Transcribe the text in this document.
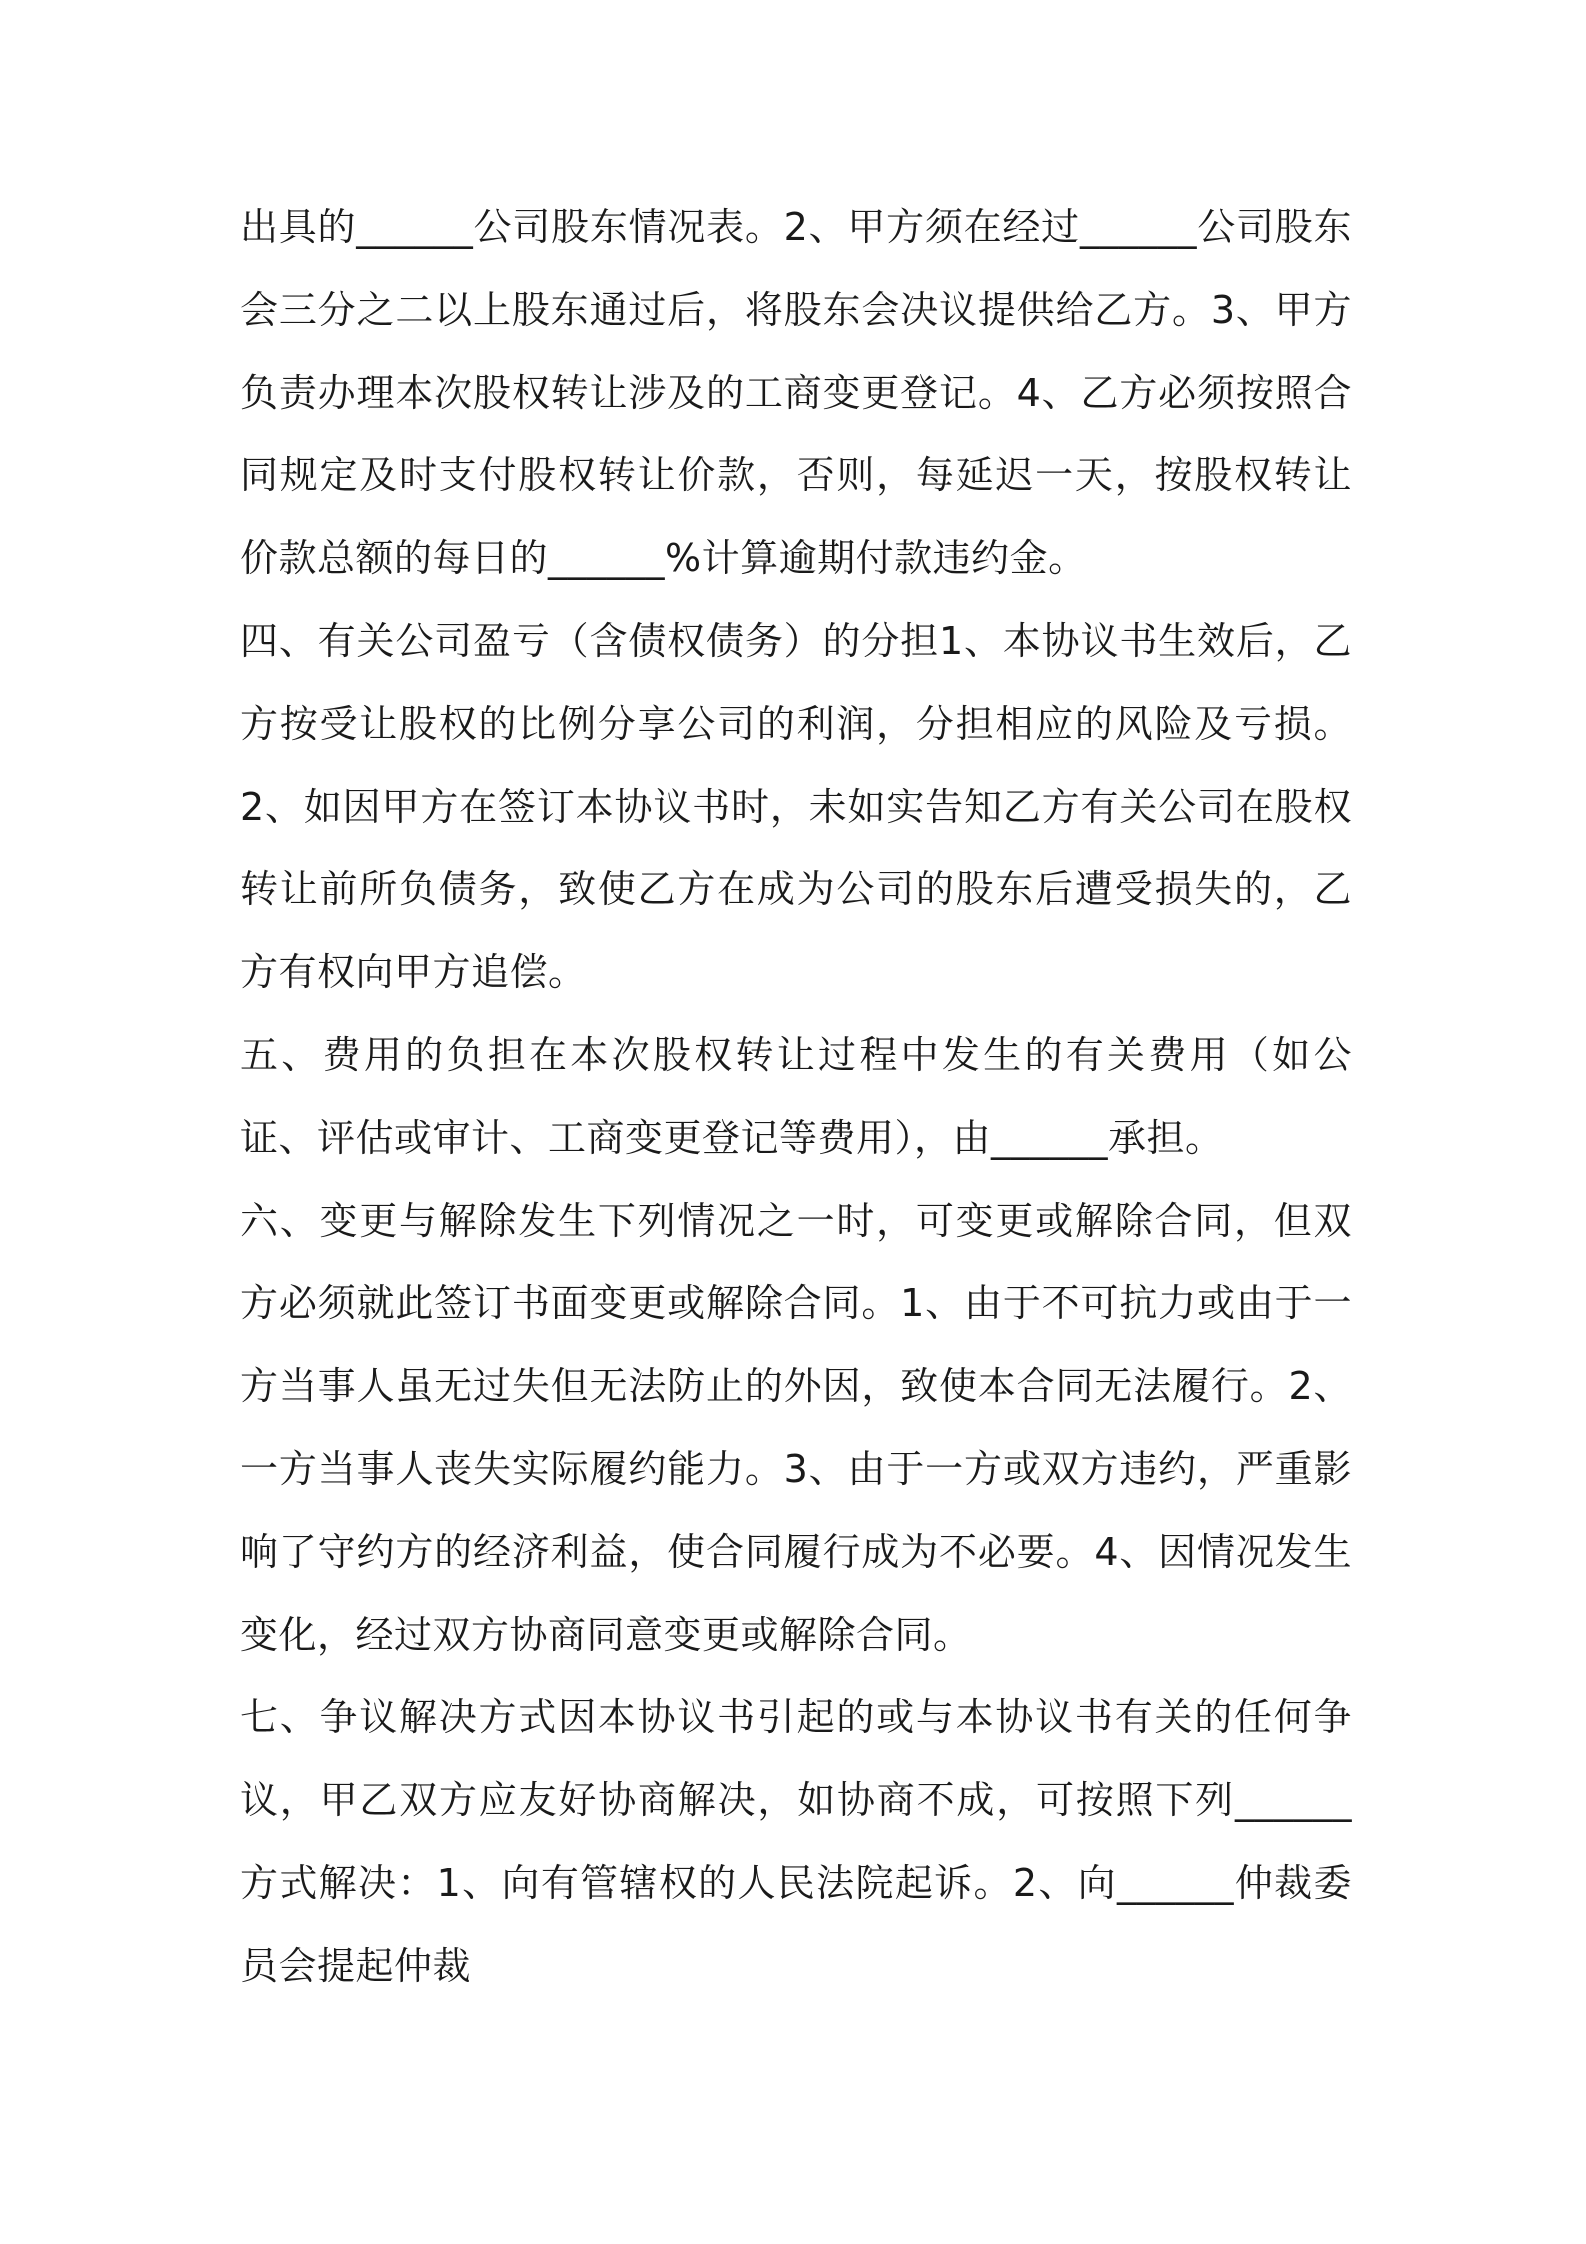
出具的______公司股东情况表。2、甲方须在经过______公司股东会三分之二以上股东通过后，将股东会决议提供给乙方。3、甲方负责办理本次股权转让涉及的工商变更登记。4、乙方必须按照合同规定及时支付股权转让价款，否则，每延迟一天，按股权转让价款总额的每日的______%计算逾期付款违约金。

四、有关公司盈亏（含债权债务）的分担1、本协议书生效后，乙方按受让股权的比例分享公司的利润，分担相应的风险及亏损。2、如因甲方在签订本协议书时，未如实告知乙方有关公司在股权转让前所负债务，致使乙方在成为公司的股东后遭受损失的，乙方有权向甲方追偿。

五、费用的负担在本次股权转让过程中发生的有关费用（如公证、评估或审计、工商变更登记等费用），由______承担。

六、变更与解除发生下列情况之一时，可变更或解除合同，但双方必须就此签订书面变更或解除合同。1、由于不可抗力或由于一方当事人虽无过失但无法防止的外因，致使本合同无法履行。2、一方当事人丧失实际履约能力。3、由于一方或双方违约，严重影响了守约方的经济利益，使合同履行成为不必要。4、因情况发生变化，经过双方协商同意变更或解除合同。

七、争议解决方式因本协议书引起的或与本协议书有关的任何争议，甲乙双方应友好协商解决，如协商不成，可按照下列______方式解决：1、向有管辖权的人民法院起诉。2、向______仲裁委员会提起仲裁
